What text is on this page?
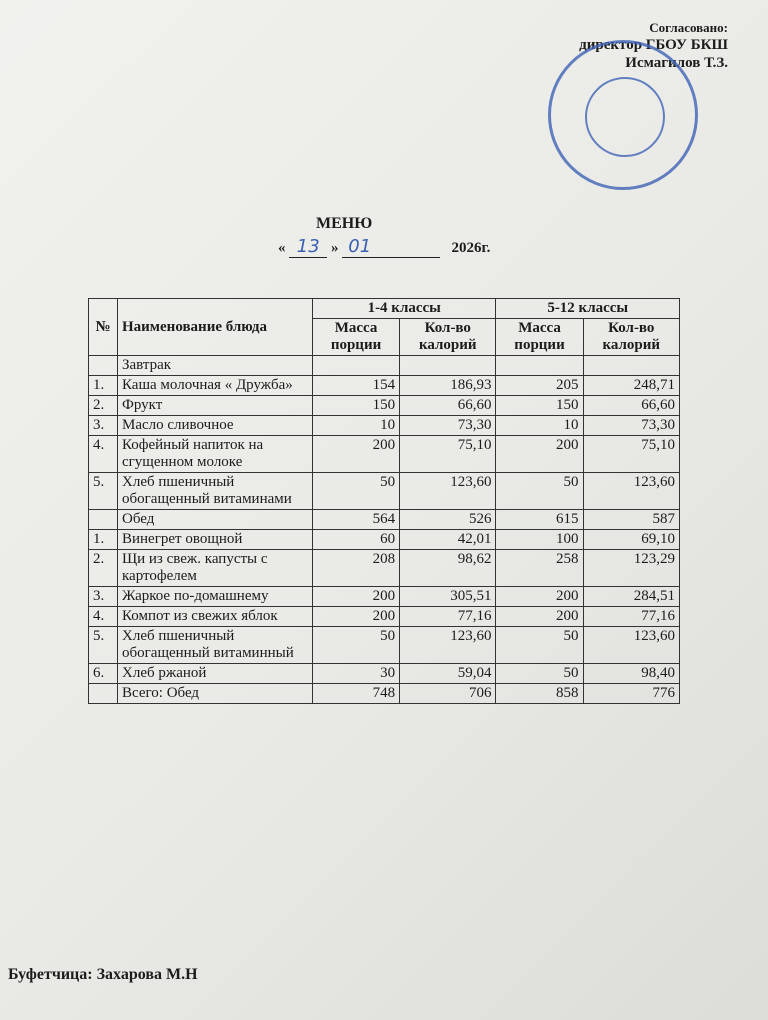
Согласовано:
директор ГБОУ БКШ
Исмагилов Т.З.
МЕНЮ
« 13 » 01	2026г.
№	Наименование блюда	1-4 классы		5-12 классы	
		Масса порции	Кол-во калорий	Масса порции	Кол-во калорий
	Завтрак				
1.	Каша молочная « Дружба»	154	186,93	205	248,71
2.	Фрукт	150	66,60	150	66,60
3.	Масло сливочное	10	73,30	10	73,30
4.	Кофейный напиток на сгущенном молоке	200	75,10	200	75,10
5.	Хлеб пшеничный обогащенный витаминами	50	123,60	50	123,60
	Обед	564	526	615	587
1.	Винегрет овощной	60	42,01	100	69,10
2.	Щи из свеж. капусты с картофелем	208	98,62	258	123,29
3.	Жаркое по-домашнему	200	305,51	200	284,51
4.	Компот из свежих яблок	200	77,16	200	77,16
5.	Хлеб пшеничный обогащенный витаминный	50	123,60	50	123,60
6.	Хлеб ржаной	30	59,04	50	98,40
	Всего: Обед	748	706	858	776
Буфетчица: Захарова М.Н
